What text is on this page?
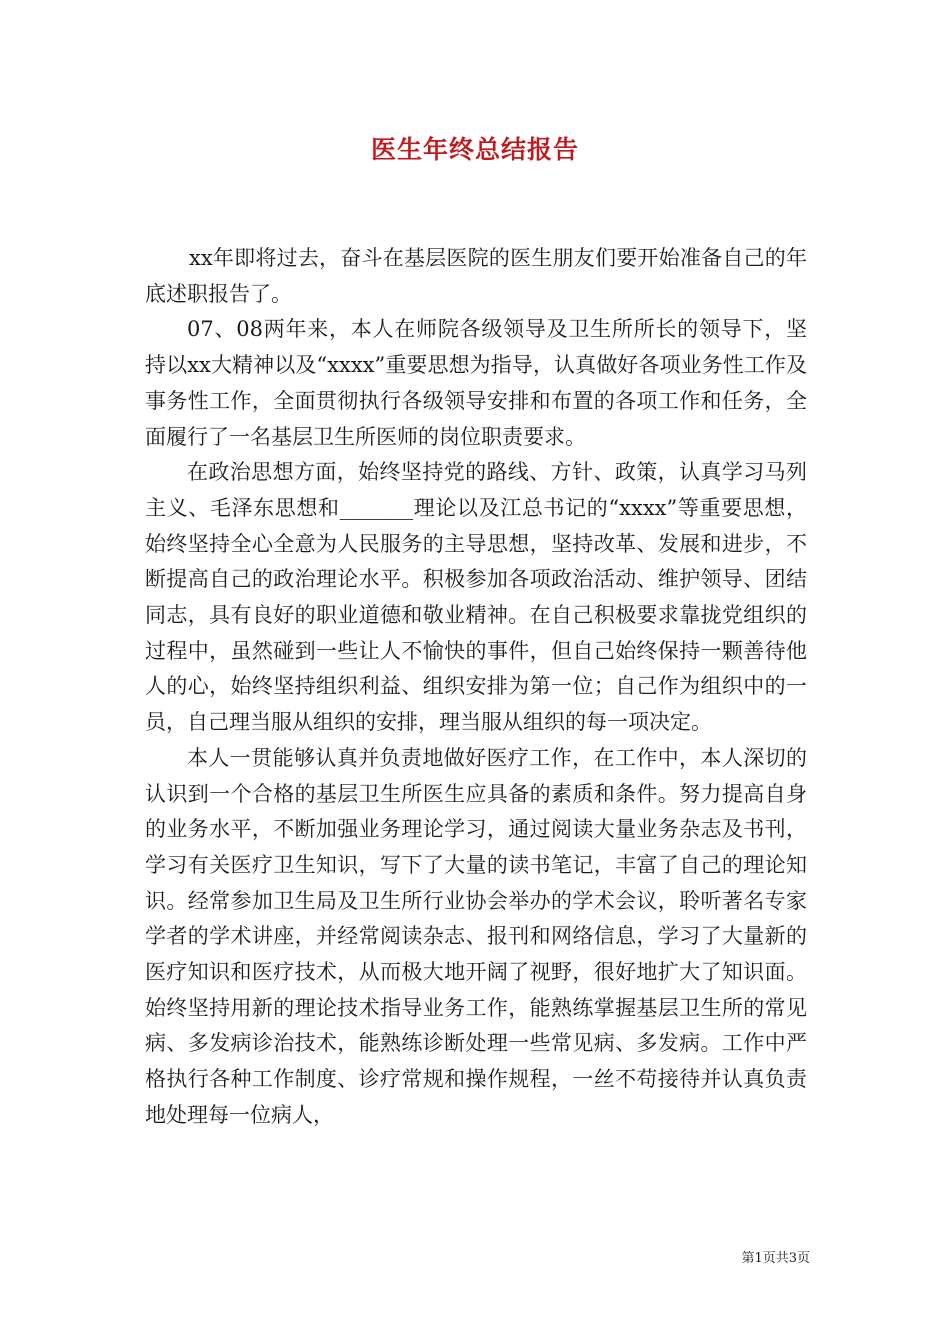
医生年终总结报告

xx年即将过去，奋斗在基层医院的医生朋友们要开始准备自己的年底述职报告了。

07、08两年来，本人在师院各级领导及卫生所所长的领导下，坚持以xx大精神以及“xxxx”重要思想为指导，认真做好各项业务性工作及事务性工作，全面贯彻执行各级领导安排和布置的各项工作和任务，全面履行了一名基层卫生所医师的岗位职责要求。

在政治思想方面，始终坚持党的路线、方针、政策，认真学习马列主义、毛泽东思想和_______理论以及江总书记的“xxxx”等重要思想，始终坚持全心全意为人民服务的主导思想，坚持改革、发展和进步，不断提高自己的政治理论水平。积极参加各项政治活动、维护领导、团结同志，具有良好的职业道德和敬业精神。在自己积极要求靠拢党组织的过程中，虽然碰到一些让人不愉快的事件，但自己始终保持一颗善待他人的心，始终坚持组织利益、组织安排为第一位；自己作为组织中的一员，自己理当服从组织的安排，理当服从组织的每一项决定。

本人一贯能够认真并负责地做好医疗工作，在工作中，本人深切的认识到一个合格的基层卫生所医生应具备的素质和条件。努力提高自身的业务水平，不断加强业务理论学习，通过阅读大量业务杂志及书刊，学习有关医疗卫生知识，写下了大量的读书笔记，丰富了自己的理论知识。经常参加卫生局及卫生所行业协会举办的学术会议，聆听著名专家学者的学术讲座，并经常阅读杂志、报刊和网络信息，学习了大量新的医疗知识和医疗技术，从而极大地开阔了视野，很好地扩大了知识面。始终坚持用新的理论技术指导业务工作，能熟练掌握基层卫生所的常见病、多发病诊治技术，能熟练诊断处理一些常见病、多发病。工作中严格执行各种工作制度、诊疗常规和操作规程，一丝不苟接待并认真负责地处理每一位病人，

第1页共3页
